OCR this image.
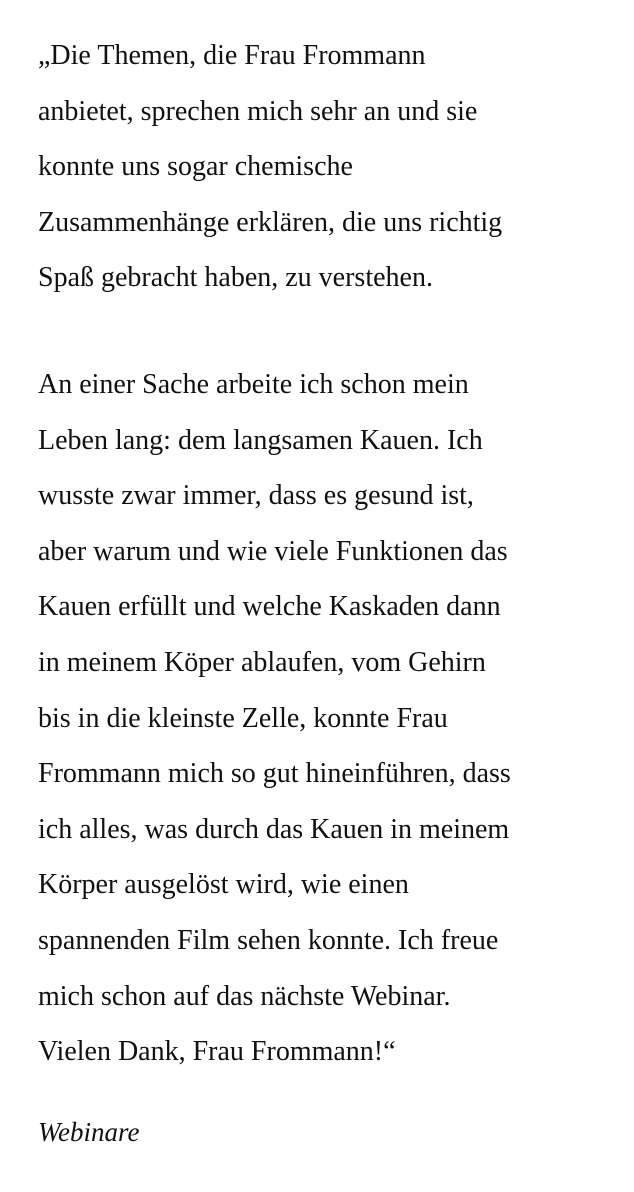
„Die Themen, die Frau Frommann
anbietet, sprechen mich sehr an und sie
konnte uns sogar chemische
Zusammenhänge erklären, die uns richtig
Spaß gebracht haben, zu verstehen.

An einer Sache arbeite ich schon mein
Leben lang: dem langsamen Kauen. Ich
wusste zwar immer, dass es gesund ist,
aber warum und wie viele Funktionen das
Kauen erfüllt und welche Kaskaden dann
in meinem Köper ablaufen, vom Gehirn
bis in die kleinste Zelle, konnte Frau
Frommann mich so gut hineinführen, dass
ich alles, was durch das Kauen in meinem
Körper ausgelöst wird, wie einen
spannenden Film sehen konnte. Ich freue
mich schon auf das nächste Webinar.
Vielen Dank, Frau Frommann!“

Webinare
